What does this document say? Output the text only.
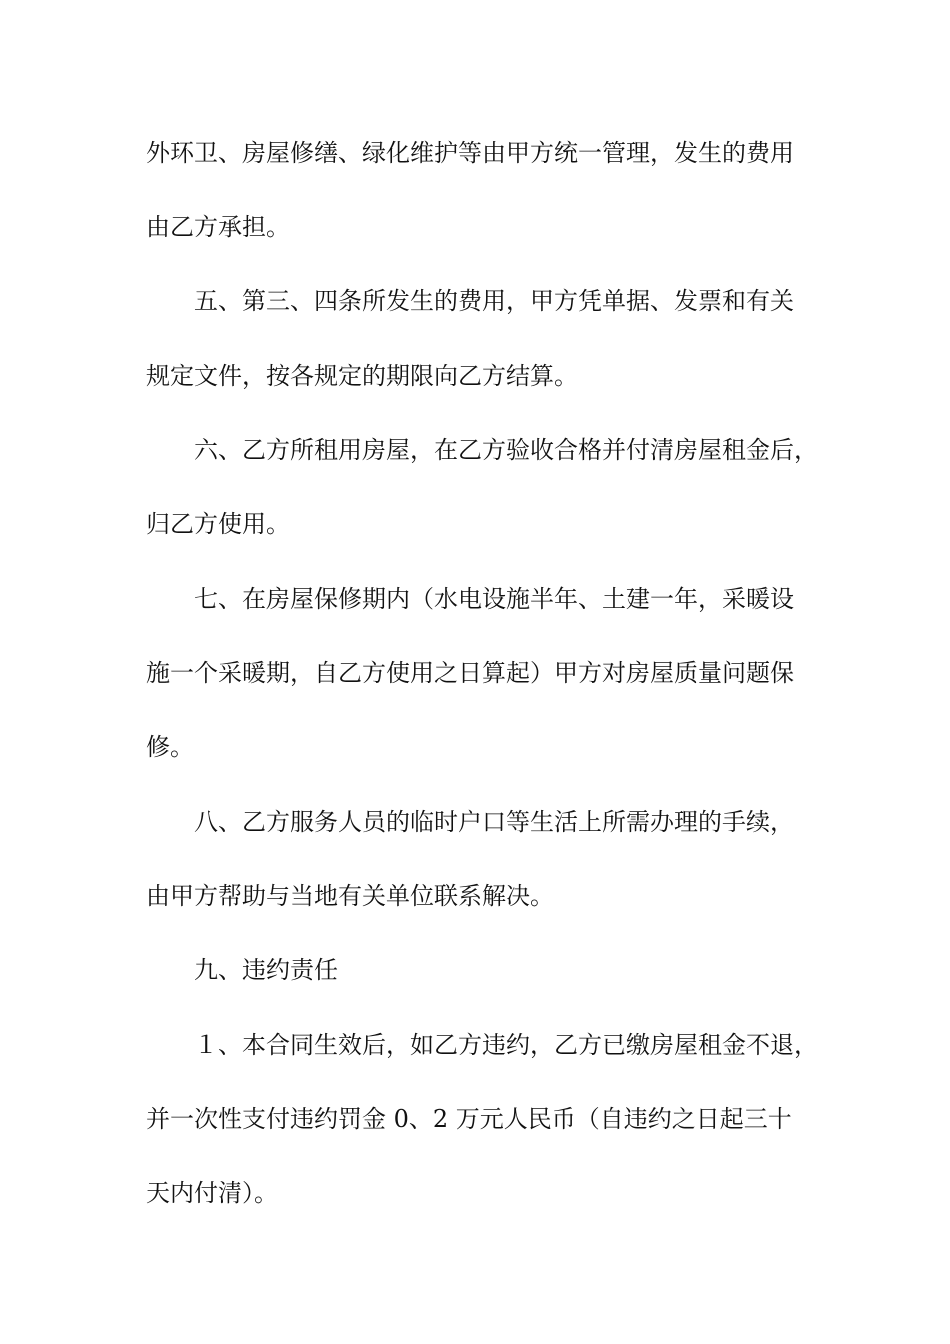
外环卫、房屋修缮、绿化维护等由甲方统一管理，发生的费用
由乙方承担。
五、第三、四条所发生的费用，甲方凭单据、发票和有关
规定文件，按各规定的期限向乙方结算。
六、乙方所租用房屋，在乙方验收合格并付清房屋租金后，
归乙方使用。
七、在房屋保修期内（水电设施半年、土建一年，采暖设
施一个采暖期，自乙方使用之日算起）甲方对房屋质量问题保
修。
八、乙方服务人员的临时户口等生活上所需办理的手续，
由甲方帮助与当地有关单位联系解决。
九、违约责任
１、本合同生效后，如乙方违约，乙方已缴房屋租金不退，
并一次性支付违约罚金 0、2 万元人民币（自违约之日起三十
天内付清）。
